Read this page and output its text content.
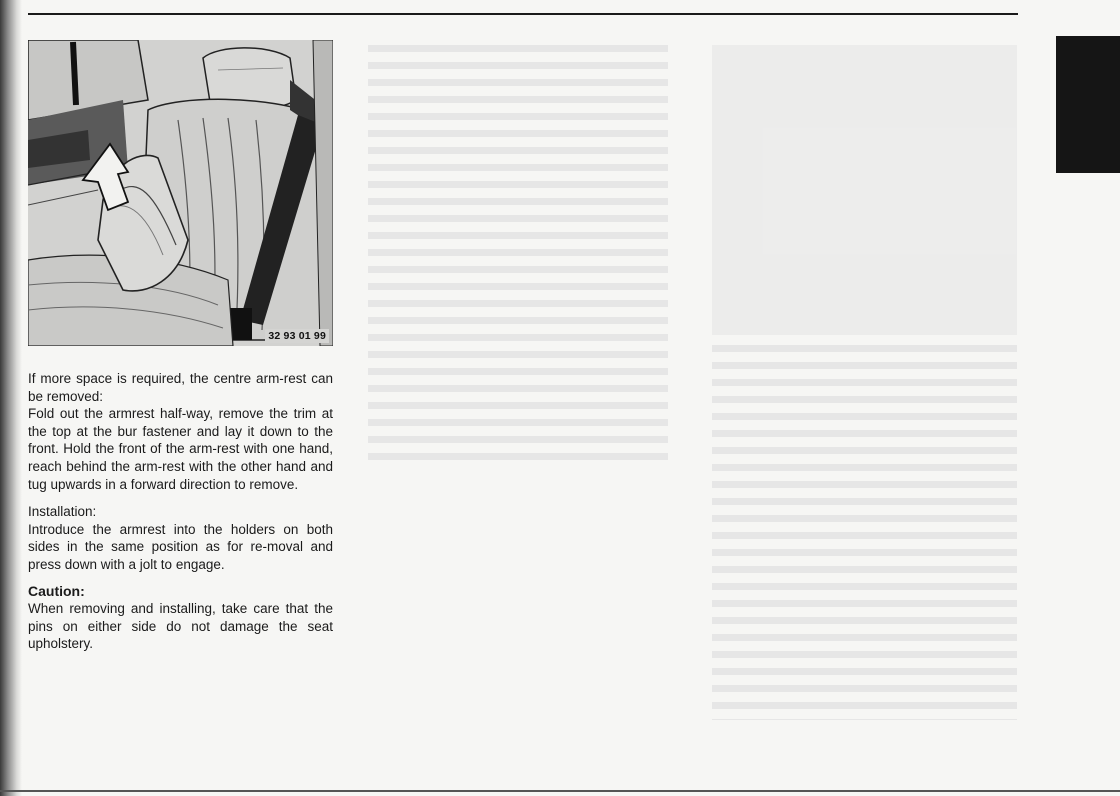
32 93 01 99

If more space is required, the centre arm-rest can be removed:

Fold out the armrest half-way, remove the trim at the top at the bur fastener and lay it down to the front. Hold the front of the arm-rest with one hand, reach behind the arm-rest with the other hand and tug upwards in a forward direction to remove.

Installation:

Introduce the armrest into the holders on both sides in the same position as for re-moval and press down with a jolt to engage.

Caution:

When removing and installing, take care that the pins on either side do not damage the seat upholstery.
